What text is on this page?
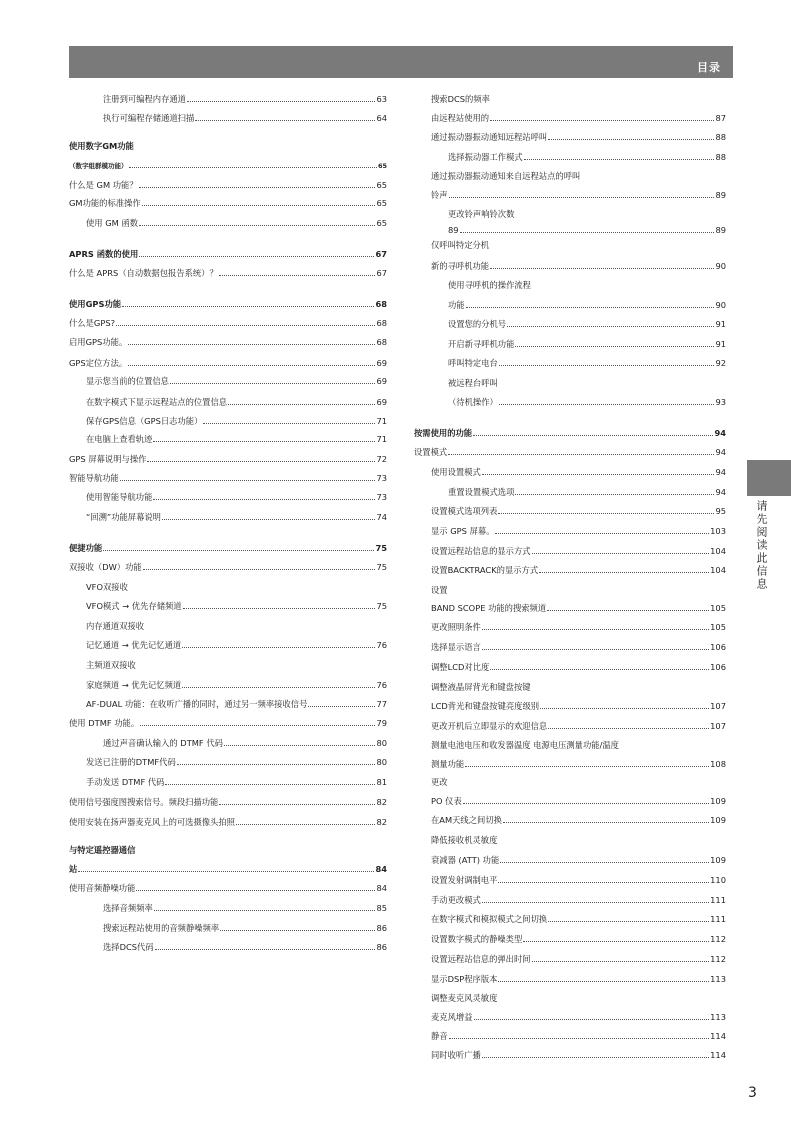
目录
注册到可编程内存通道	63
执行可编程存储通道扫描	64
使用数字GM功能
（数字组群模功能）	65
什么是 GM 功能？	65
GM功能的标准操作	65
使用 GM 函数	65
APRS 函数的使用	67
什么是 APRS（自动数据包报告系统）？	67
使用GPS功能	68
什么是GPS?	68
启用GPS功能。	68
GPS定位方法。	69
显示您当前的位置信息	69
在数字模式下显示远程站点的位置信息	69
保存GPS信息（GPS日志功能）	71
在电脑上查看轨迹	71
GPS 屏幕说明与操作	72
智能导航功能	73
使用智能导航功能	73
“回溯”功能屏幕说明	74
便捷功能	75
双接收（DW）功能	75
VFO双接收
VFO模式 → 优先存储频道	75
内存通道双接收
记忆通道 → 优先记忆通道	76
主频道双接收
家庭频道 → 优先记忆频道	76
AF-DUAL 功能：在收听广播的同时，通过另一频率接收信号	77
使用 DTMF 功能。	79
通过声音确认输入的 DTMF 代码	80
发送已注册的DTMF代码	80
手动发送 DTMF 代码	81
使用信号强度图搜索信号。频段扫描功能	82
使用安装在扬声器麦克风上的可选摄像头拍照	82
与特定遥控器通信
站	84
使用音频静噪功能	84
选择音频频率	85
搜索远程站使用的音频静噪频率	86
选择DCS代码	86
搜索DCS的频率
由远程站使用的	87
通过振动器振动通知远程站呼叫	88
选择振动器工作模式	88
通过振动器振动通知来自远程站点的呼叫
铃声	89
更改铃声响铃次数
89	89
仅呼叫特定分机
新的寻呼机功能	90
使用寻呼机的操作流程
功能	90
设置您的分机号	91
开启新寻呼机功能	91
呼叫特定电台	92
被远程台呼叫
（待机操作）	93
按需使用的功能	94
设置模式	94
使用设置模式	94
重置设置模式选项	94
设置模式选项列表	95
显示 GPS 屏幕。	103
设置远程站信息的显示方式	104
设置BACKTRACK的显示方式	104
设置
BAND SCOPE 功能的搜索频道	105
更改照明条件	105
选择显示语言	106
调整LCD对比度	106
调整液晶屏背光和键盘按键
LCD背光和键盘按键亮度级别	107
更改开机后立即显示的欢迎信息	107
测量电池电压和收发器温度 电源电压测量功能/温度
测量功能	108
更改
PO 仪表	109
在AM天线之间切换	109
降低接收机灵敏度
衰减器 (ATT) 功能	109
设置发射调制电平	110
手动更改模式	111
在数字模式和模拟模式之间切换	111
设置数字模式的静噪类型	112
设置远程站信息的弹出时间	112
显示DSP程序版本	113
调整麦克风灵敏度
麦克风增益	113
静音	114
同时收听广播	114
请先阅读此信息
3
